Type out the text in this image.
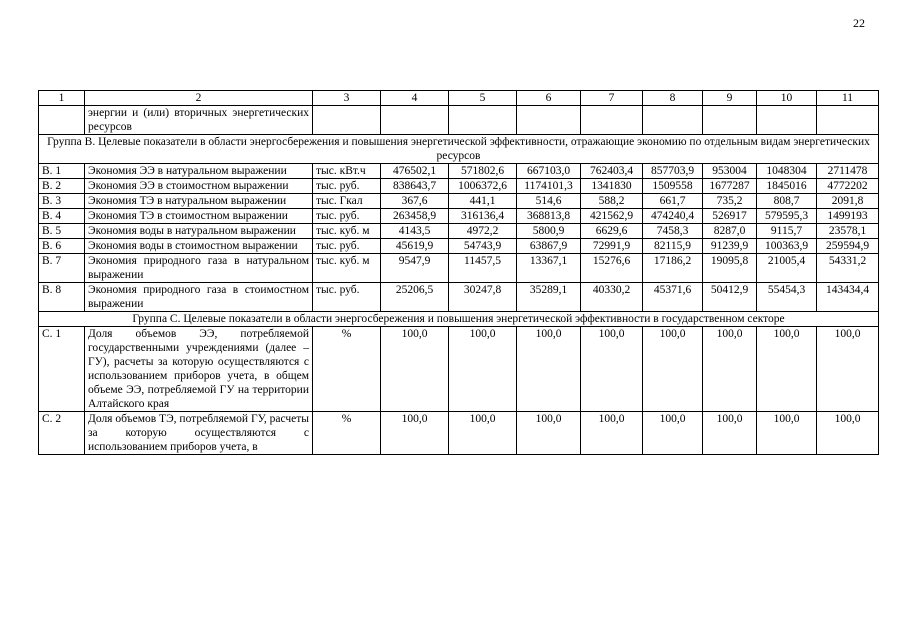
22
1	2	3	4	5	6	7	8	9	10	11
	энергии и (или) вторичных энергетических ресурсов									
Группа В. Целевые показатели в области энергосбережения и повышения энергетической эффективности, отражающие экономию по отдельным видам энергетических ресурсов										
В. 1	Экономия ЭЭ в натуральном выражении	тыс. кВт.ч	476502,1	571802,6	667103,0	762403,4	857703,9	953004	1048304	2711478
В. 2	Экономия ЭЭ в стоимостном выражении	тыс. руб.	838643,7	1006372,6	1174101,3	1341830	1509558	1677287	1845016	4772202
В. 3	Экономия ТЭ в натуральном выражении	тыс. Гкал	367,6	441,1	514,6	588,2	661,7	735,2	808,7	2091,8
В. 4	Экономия ТЭ в стоимостном выражении	тыс. руб.	263458,9	316136,4	368813,8	421562,9	474240,4	526917	579595,3	1499193
В. 5	Экономия воды в натуральном выражении	тыс. куб. м	4143,5	4972,2	5800,9	6629,6	7458,3	8287,0	9115,7	23578,1
В. 6	Экономия воды в стоимостном выражении	тыс. руб.	45619,9	54743,9	63867,9	72991,9	82115,9	91239,9	100363,9	259594,9
В. 7	Экономия природного газа в натуральном выражении	тыс. куб. м	9547,9	11457,5	13367,1	15276,6	17186,2	19095,8	21005,4	54331,2
В. 8	Экономия природного газа в стоимостном выражении	тыс. руб.	25206,5	30247,8	35289,1	40330,2	45371,6	50412,9	55454,3	143434,4
Группа С. Целевые показатели в области энергосбережения и повышения энергетической эффективности в государственном секторе										
С. 1	Доля объемов ЭЭ, потребляемой государственными учреждениями (далее – ГУ), расчеты за которую осуществляются с использованием приборов учета, в общем объеме ЭЭ, потребляемой ГУ на территории Алтайского края	%	100,0	100,0	100,0	100,0	100,0	100,0	100,0	100,0
С. 2	Доля объемов ТЭ, потребляемой ГУ, расчеты за которую осуществляются с использованием приборов учета, в	%	100,0	100,0	100,0	100,0	100,0	100,0	100,0	100,0
